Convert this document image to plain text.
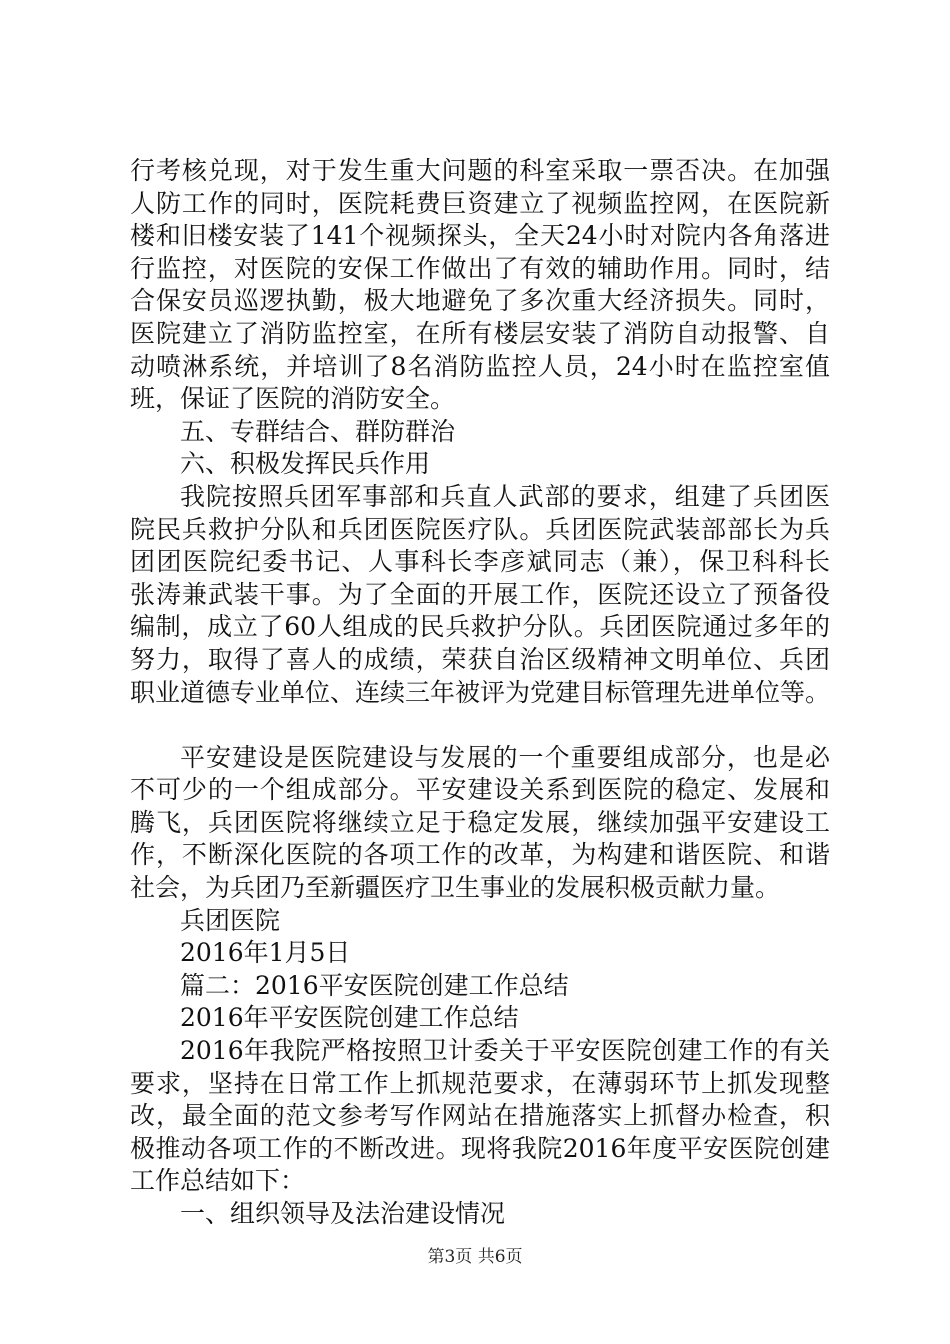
行考核兑现，对于发生重大问题的科室采取一票否决。在加强
人防工作的同时，医院耗费巨资建立了视频监控网，在医院新
楼和旧楼安装了141个视频探头，全天24小时对院内各角落进
行监控，对医院的安保工作做出了有效的辅助作用。同时，结
合保安员巡逻执勤，极大地避免了多次重大经济损失。同时，
医院建立了消防监控室，在所有楼层安装了消防自动报警、自
动喷淋系统，并培训了8名消防监控人员，24小时在监控室值
班，保证了医院的消防安全。
五、专群结合、群防群治
六、积极发挥民兵作用
我院按照兵团军事部和兵直人武部的要求，组建了兵团医
院民兵救护分队和兵团医院医疗队。兵团医院武装部部长为兵
团团医院纪委书记、人事科长李彦斌同志（兼），保卫科科长
张涛兼武装干事。为了全面的开展工作，医院还设立了预备役
编制，成立了60人组成的民兵救护分队。兵团医院通过多年的
努力，取得了喜人的成绩，荣获自治区级精神文明单位、兵团
职业道德专业单位、连续三年被评为党建目标管理先进单位等。
平安建设是医院建设与发展的一个重要组成部分，也是必
不可少的一个组成部分。平安建设关系到医院的稳定、发展和
腾飞，兵团医院将继续立足于稳定发展，继续加强平安建设工
作，不断深化医院的各项工作的改革，为构建和谐医院、和谐
社会，为兵团乃至新疆医疗卫生事业的发展积极贡献力量。
兵团医院
2016年1月5日
篇二：2016平安医院创建工作总结
2016年平安医院创建工作总结
2016年我院严格按照卫计委关于平安医院创建工作的有关
要求，坚持在日常工作上抓规范要求，在薄弱环节上抓发现整
改，最全面的范文参考写作网站在措施落实上抓督办检查，积
极推动各项工作的不断改进。现将我院2016年度平安医院创建
工作总结如下：
一、组织领导及法治建设情况
第3页 共6页
